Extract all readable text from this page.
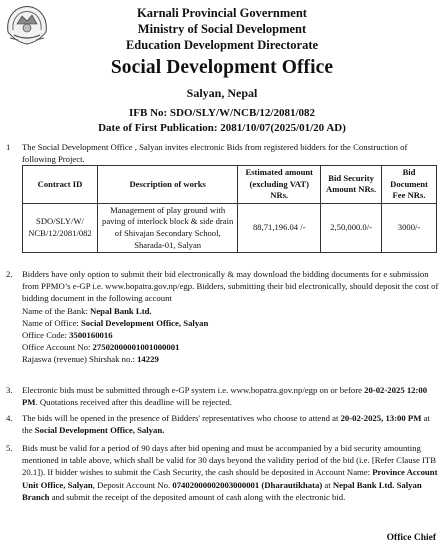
Karnali Provincial Government
Ministry of Social Development
Education Development Directorate
Social Development Office
Salyan, Nepal
IFB No: SDO/SLY/W/NCB/12/2081/082
Date of First Publication: 2081/10/07(2025/01/20 AD)
1	The Social Development Office , Salyan invites electronic Bids from registered bidders for the Construction of following Project.
Contract ID	Description of works	Estimated amount (excluding VAT) NRs.	Bid Security Amount NRs.	Bid Document Fee NRs.
SDO/SLY/W/ NCB/12/2081/082	Management of play ground with paving of interlock block & side drain of Shivajan Secondary School, Sharada-01, Salyan	88,71,196.04 /-	2,50,000.0/-	3000/-
2.	Bidders have only option to submit their bid electronically & may download the bidding documents for e submission from PPMO’s e-GP i.e. www.bopatra.gov.np/egp. Bidders, submitting their bid electronically, should deposit the cost of bidding document in the following account
Name of the Bank: Nepal Bank Ltd.
Name of Office: Social Development Office, Salyan
Office Code: 3500160016
Office Account No: 27502000001001000001
Rajaswa (revenue) Shirshak no.: 14229
3.	Electronic bids must be submitted through e-GP system i.e. www.bopatra.gov.np/egp on or before 20-02-2025 12:00 PM. Quotations received after this deadline will be rejected.
4.	The bids will be opened in the presence of Bidders' representatives who choose to attend at 20-02-2025, 13:00 PM at the Social Development Office, Salyan.
5.	Bids must be valid for a period of 90 days after bid opening and must be accompanied by a bid security amounting mentioned in table above, which shall be valid for 30 days beyond the validity period of the bid (i.e. [Refer Clause ITB 20.1]). If bidder wishes to submit the Cash Security, the cash should be deposited in Account Name: Province Account Unit Office, Salyan, Deposit Account No. 07402000002003000001 (Dharautikhata) at Nepal Bank Ltd. Salyan Branch and submit the receipt of the deposited amount of cash along with the electronic bid.
Office Chief
